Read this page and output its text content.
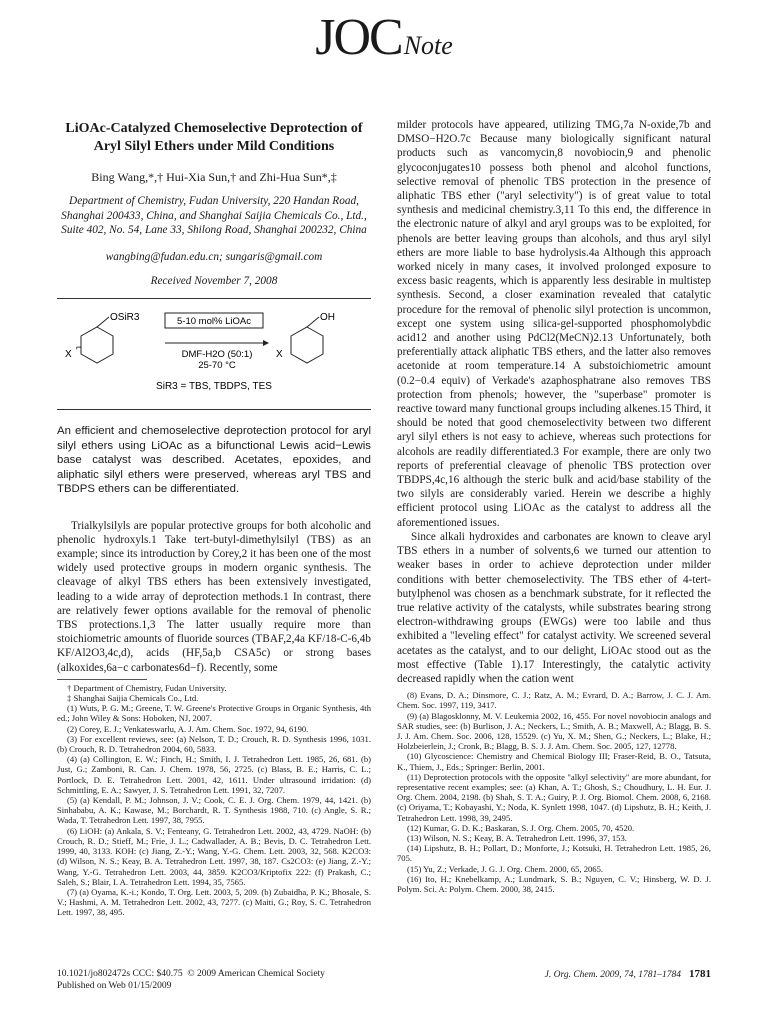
JOCNote
LiOAc-Catalyzed Chemoselective Deprotection of Aryl Silyl Ethers under Mild Conditions
Bing Wang,*,† Hui-Xia Sun,† and Zhi-Hua Sun*,‡
Department of Chemistry, Fudan University, 220 Handan Road, Shanghai 200433, China, and Shanghai Saijia Chemicals Co., Ltd., Suite 402, No. 54, Lane 33, Shilong Road, Shanghai 200232, China
wangbing@fudan.edu.cn; sungaris@gmail.com
Received November 7, 2008
OSiR3
X
⌐
5-10 mol% LiOAc
DMF-H2O (50:1)
25-70 °C
OH
X
SiR3 = TBS, TBDPS, TES
An efficient and chemoselective deprotection protocol for aryl silyl ethers using LiOAc as a bifunctional Lewis acid−Lewis base catalyst was described. Acetates, epoxides, and aliphatic silyl ethers were preserved, whereas aryl TBS and TBDPS ethers can be differentiated.

Trialkylsilyls are popular protective groups for both alcoholic and phenolic hydroxyls.1 Take tert-butyl-dimethylsilyl (TBS) as an example; since its introduction by Corey,2 it has been one of the most widely used protective groups in modern organic synthesis. The cleavage of alkyl TBS ethers has been extensively investigated, leading to a wide array of deprotection methods.1 In contrast, there are relatively fewer options available for the removal of phenolic TBS protections.1,3 The latter usually require more than stoichiometric amounts of fluoride sources (TBAF,2,4a KF/18-C-6,4b KF/Al2O3,4c,d), acids (HF,5a,b CSA5c) or strong bases (alkoxides,6a−c carbonates6d−f). Recently, some

† Department of Chemistry, Fudan University.

‡ Shanghai Saijia Chemicals Co., Ltd.

(1) Wuts, P. G. M.; Greene, T. W. Greene's Protective Groups in Organic Synthesis, 4th ed.; John Wiley & Sons: Hoboken, NJ, 2007.

(2) Corey, E. J.; Venkateswarlu, A. J. Am. Chem. Soc. 1972, 94, 6190.

(3) For excellent reviews, see: (a) Nelson, T. D.; Crouch, R. D. Synthesis 1996, 1031. (b) Crouch, R. D. Tetrahedron 2004, 60, 5833.

(4) (a) Collington, E. W.; Finch, H.; Smith, I. J. Tetrahedron Lett. 1985, 26, 681. (b) Just, G.; Zamboni, R. Can. J. Chem. 1978, 56, 2725. (c) Blass, B. E.; Harris, C. L.; Portlock, D. E. Tetrahedron Lett. 2001, 42, 1611. Under ultrasound irridation: (d) Schmittling, E. A.; Sawyer, J. S. Tetrahedron Lett. 1991, 32, 7207.

(5) (a) Kendall, P. M.; Johnson, J. V.; Cook, C. E. J. Org. Chem. 1979, 44, 1421. (b) Sinhababu, A. K.; Kawase, M.; Borchardt, R. T. Synthesis 1988, 710. (c) Angle, S. R.; Wada, T. Tetrahedron Lett. 1997, 38, 7955.

(6) LiOH: (a) Ankala, S. V.; Fenteany, G. Tetrahedron Lett. 2002, 43, 4729. NaOH: (b) Crouch, R. D.; Stieff, M.; Frie, J. L.; Cadwallader, A. B.; Bevis, D. C. Tetrahedron Lett. 1999, 40, 3133. KOH: (c) Jiang, Z.-Y.; Wang, Y.-G. Chem. Lett. 2003, 32, 568. K2CO3: (d) Wilson, N. S.; Keay, B. A. Tetrahedron Lett. 1997, 38, 187. Cs2CO3: (e) Jiang, Z.-Y.; Wang, Y.-G. Tetrahedron Lett. 2003, 44, 3859. K2CO3/Kriptofix 222: (f) Prakash, C.; Saleh, S.; Blair, I. A. Tetrahedron Lett. 1994, 35, 7565.

(7) (a) Oyama, K.-i.; Kondo, T. Org. Lett. 2003, 5, 209. (b) Zubaidha, P. K.; Bhosale, S. V.; Hashmi, A. M. Tetrahedron Lett. 2002, 43, 7277. (c) Maiti, G.; Roy, S. C. Tetrahedron Lett. 1997, 38, 495.

milder protocols have appeared, utilizing TMG,7a N-oxide,7b and DMSO−H2O.7c Because many biologically significant natural products such as vancomycin,8 novobiocin,9 and phenolic glycoconjugates10 possess both phenol and alcohol functions, selective removal of phenolic TBS protection in the presence of aliphatic TBS ether ("aryl selectivity") is of great value to total synthesis and medicinal chemistry.3,11 To this end, the difference in the electronic nature of alkyl and aryl groups was to be exploited, for phenols are better leaving groups than alcohols, and thus aryl silyl ethers are more liable to base hydrolysis.4a Although this approach worked nicely in many cases, it involved prolonged exposure to excess basic reagents, which is apparently less desirable in multistep synthesis. Second, a closer examination revealed that catalytic procedure for the removal of phenolic silyl protection is uncommon, except one system using silica-gel-supported phosphomolybdic acid12 and another using PdCl2(MeCN)2.13 Unfortunately, both preferentially attack aliphatic TBS ethers, and the latter also removes acetonide at room temperature.14 A substoichiometric amount (0.2−0.4 equiv) of Verkade's azaphosphatrane also removes TBS protection from phenols; however, the "superbase" promoter is reactive toward many functional groups including alkenes.15 Third, it should be noted that good chemoselectivity between two different aryl silyl ethers is not easy to achieve, whereas such protections for alcohols are readily differentiated.3 For example, there are only two reports of preferential cleavage of phenolic TBS protection over TBDPS,4c,16 although the steric bulk and acid/base stability of the two silyls are considerably varied. Herein we describe a highly efficient protocol using LiOAc as the catalyst to address all the aforementioned issues.

Since alkali hydroxides and carbonates are known to cleave aryl TBS ethers in a number of solvents,6 we turned our attention to weaker bases in order to achieve deprotection under milder conditions with better chemoselectivity. The TBS ether of 4-tert-butylphenol was chosen as a benchmark substrate, for it reflected the true relative activity of the catalysts, while substrates bearing strong electron-withdrawing groups (EWGs) were too labile and thus exhibited a "leveling effect" for catalyst activity. We screened several acetates as the catalyst, and to our delight, LiOAc stood out as the most effective (Table 1).17 Interestingly, the catalytic activity decreased rapidly when the cation went

(8) Evans, D. A.; Dinsmore, C. J.; Ratz, A. M.; Evrard, D. A.; Barrow, J. C. J. Am. Chem. Soc. 1997, 119, 3417.

(9) (a) Blagosklonny, M. V. Leukemia 2002, 16, 455. For novel novobiocin analogs and SAR studies, see: (b) Burlison, J. A.; Neckers, L.; Smith, A. B.; Maxwell, A.; Blagg, B. S. J. J. Am. Chem. Soc. 2006, 128, 15529. (c) Yu, X. M.; Shen, G.; Neckers, L.; Blake, H.; Holzbeierlein, J.; Cronk, B.; Blagg, B. S. J. J. Am. Chem. Soc. 2005, 127, 12778.

(10) Glycoscience: Chemistry and Chemical Biology III; Fraser-Reid, B. O., Tatsuta, K., Thiem, J., Eds.; Springer: Berlin, 2001.

(11) Deprotection protocols with the opposite "alkyl selectivity" are more abundant, for representative recent examples; see: (a) Khan, A. T.; Ghosh, S.; Choudhury, L. H. Eur. J. Org. Chem. 2004, 2198. (b) Shah, S. T. A.; Guiry, P. J. Org. Biomol. Chem. 2008, 6, 2168. (c) Oriyama, T.; Kobayashi, Y.; Noda, K. Synlett 1998, 1047. (d) Lipshutz, B. H.; Keith, J. Tetrahedron Lett. 1998, 39, 2495.

(12) Kumar, G. D. K.; Baskaran, S. J. Org. Chem. 2005, 70, 4520.

(13) Wilson, N. S.; Keay, B. A. Tetrahedron Lett. 1996, 37, 153.

(14) Lipshutz, B. H.; Pollart, D.; Monforte, J.; Kotsuki, H. Tetrahedron Lett. 1985, 26, 705.

(15) Yu, Z.; Verkade, J. G. J. Org. Chem. 2000, 65, 2065.

(16) Ito, H.; Knebelkamp, A.; Lundmark, S. B.; Nguyen, C. V.; Hinsberg, W. D. J. Polym. Sci. A: Polym. Chem. 2000, 38, 2415.

10.1021/jo802472s CCC: $40.75  © 2009 American Chemical Society
Published on Web 01/15/2009
J. Org. Chem. 2009, 74, 1781–1784 1781
